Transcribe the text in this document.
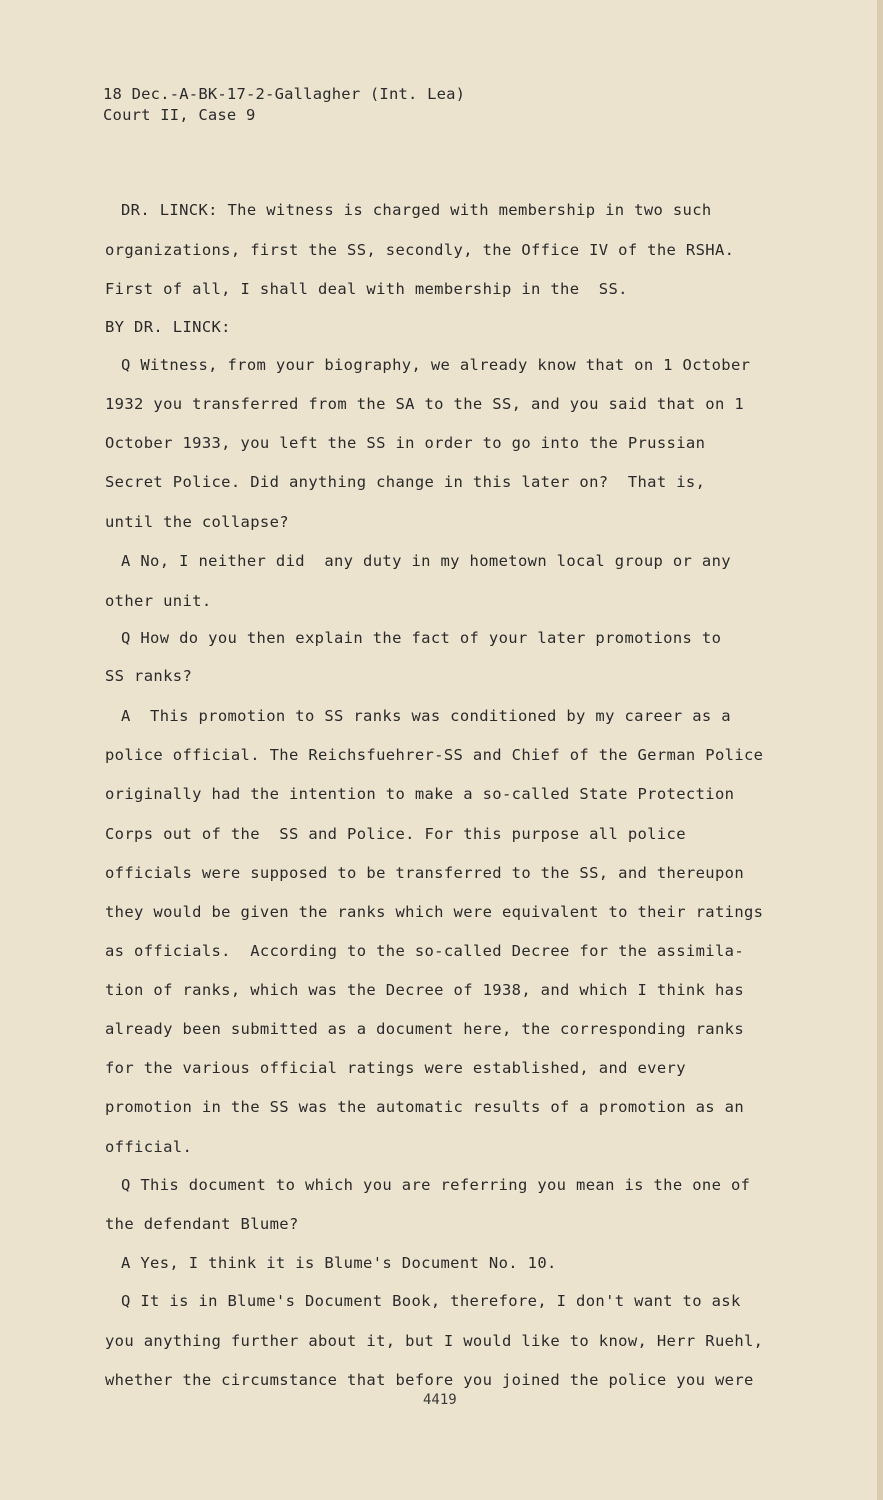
18 Dec.-A-BK-17-2-Gallagher (Int. Lea)
Court II, Case 9
DR. LINCK: The witness is charged with membership in two such
organizations, first the SS, secondly, the Office IV of the RSHA.
First of all, I shall deal with membership in the  SS.
BY DR. LINCK:
Q Witness, from your biography, we already know that on 1 October
1932 you transferred from the SA to the SS, and you said that on 1
October 1933, you left the SS in order to go into the Prussian
Secret Police. Did anything change in this later on?  That is,
until the collapse?
A No, I neither did  any duty in my hometown local group or any
other unit.
Q How do you then explain the fact of your later promotions to
SS ranks?
A  This promotion to SS ranks was conditioned by my career as a
police official. The Reichsfuehrer-SS and Chief of the German Police
originally had the intention to make a so-called State Protection
Corps out of the  SS and Police. For this purpose all police
officials were supposed to be transferred to the SS, and thereupon
they would be given the ranks which were equivalent to their ratings
as officials.  According to the so-called Decree for the assimila-
tion of ranks, which was the Decree of 1938, and which I think has
already been submitted as a document here, the corresponding ranks
for the various official ratings were established, and every
promotion in the SS was the automatic results of a promotion as an
official.
Q This document to which you are referring you mean is the one of
the defendant Blume?
A Yes, I think it is Blume's Document No. 10.
Q It is in Blume's Document Book, therefore, I don't want to ask
you anything further about it, but I would like to know, Herr Ruehl,
whether the circumstance that before you joined the police you were
4419
